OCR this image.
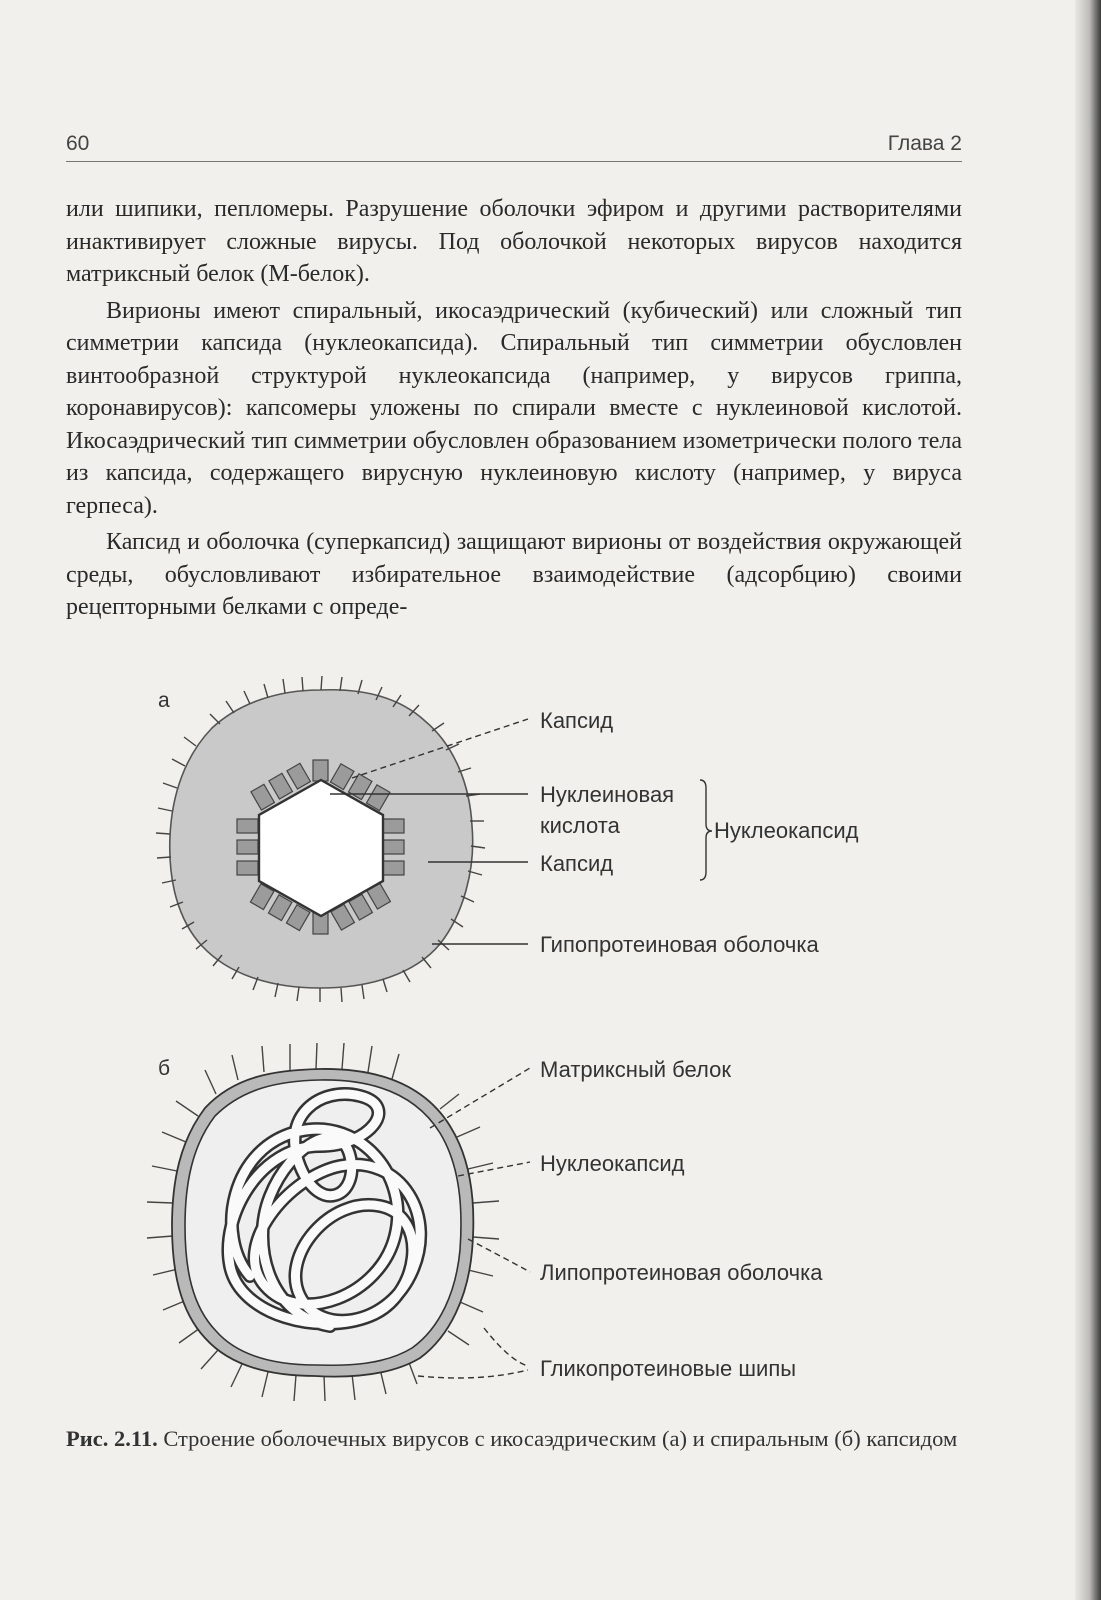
60	Глава 2

или шипики, пепломеры. Разрушение оболочки эфиром и другими растворителями инактивирует сложные вирусы. Под оболочкой некоторых вирусов находится матриксный белок (М-белок).

Вирионы имеют спиральный, икосаэдрический (кубический) или сложный тип симметрии капсида (нуклеокапсида). Спиральный тип симметрии обусловлен винтообразной структурой нуклеокапсида (например, у вирусов гриппа, коронавирусов): капсомеры уложены по спирали вместе с нуклеиновой кислотой. Икосаэдрический тип симметрии обусловлен образованием изометрически полого тела из капсида, содержащего вирусную нуклеиновую кислоту (например, у вируса герпеса).

Капсид и оболочка (суперкапсид) защищают вирионы от воздействия окружающей среды, обусловливают избирательное взаимодействие (адсорбцию) своими рецепторными белками с опреде-

а
Капсид
Нуклеиновая
кислота	Нуклеокапсид
Капсид
Гипопротеиновая оболочка
б	Матриксный белок
Нуклеокапсид
Липопротеиновая оболочка
Гликопротеиновые шипы
Рис. 2.11. Строение оболочечных вирусов с икосаэдрическим (а) и спиральным (б) капсидом
